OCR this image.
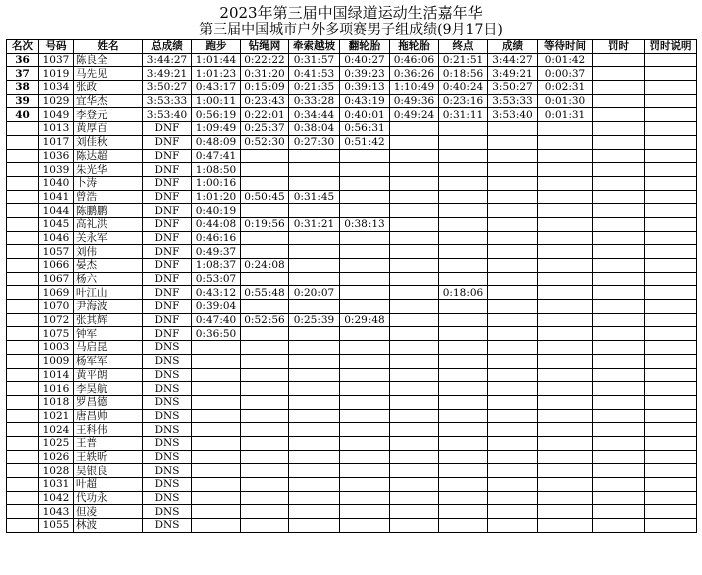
2023年第三届中国绿道运动生活嘉年华
第三届中国城市户外多项赛男子组成绩(9月17日)
名次	号码	姓名	总成绩	跑步	钻绳网	牵索越坡	翻轮胎	拖轮胎	终点	成绩	等待时间	罚时	罚时说明
36	1037	陈良全	3:44:27	1:01:44	0:22:22	0:31:57	0:40:27	0:46:06	0:21:51	3:44:27	0:01:42		
37	1019	马先见	3:49:21	1:01:23	0:31:20	0:41:53	0:39:23	0:36:26	0:18:56	3:49:21	0:00:37		
38	1034	张政	3:50:27	0:43:17	0:15:09	0:21:35	0:39:13	1:10:49	0:40:24	3:50:27	0:02:31		
39	1029	宜华杰	3:53:33	1:00:11	0:23:43	0:33:28	0:43:19	0:49:36	0:23:16	3:53:33	0:01:30		
40	1049	李登元	3:53:40	0:56:19	0:22:01	0:34:44	0:40:01	0:49:24	0:31:11	3:53:40	0:01:31		
	1013	黄厚百	DNF	1:09:49	0:25:37	0:38:04	0:56:31						
	1017	刘佳秋	DNF	0:48:09	0:52:30	0:27:30	0:51:42						
	1036	陈达超	DNF	0:47:41									
	1039	朱光华	DNF	1:08:50									
	1040	卜涛	DNF	1:00:16									
	1041	曾浩	DNF	1:01:20	0:50:45	0:31:45							
	1044	陈鹏鹏	DNF	0:40:19									
	1045	高礼洪	DNF	0:44:08	0:19:56	0:31:21	0:38:13						
	1046	关永军	DNF	0:46:16									
	1057	刘伟	DNF	0:49:37									
	1066	晏杰	DNF	1:08:37	0:24:08								
	1067	杨六	DNF	0:53:07									
	1069	叶江山	DNF	0:43:12	0:55:48	0:20:07			0:18:06				
	1070	尹海波	DNF	0:39:04									
	1072	张其辉	DNF	0:47:40	0:52:56	0:25:39	0:29:48						
	1075	钟军	DNF	0:36:50									
	1003	马启昆	DNS										
	1009	杨军军	DNS										
	1014	黄平朗	DNS										
	1016	李昊航	DNS										
	1018	罗昌德	DNS										
	1021	唐昌帅	DNS										
	1024	王科伟	DNS										
	1025	王普	DNS										
	1026	王轶昕	DNS										
	1028	吴银良	DNS										
	1031	叶超	DNS										
	1042	代功永	DNS										
	1043	但凌	DNS										
	1055	林波	DNS										
